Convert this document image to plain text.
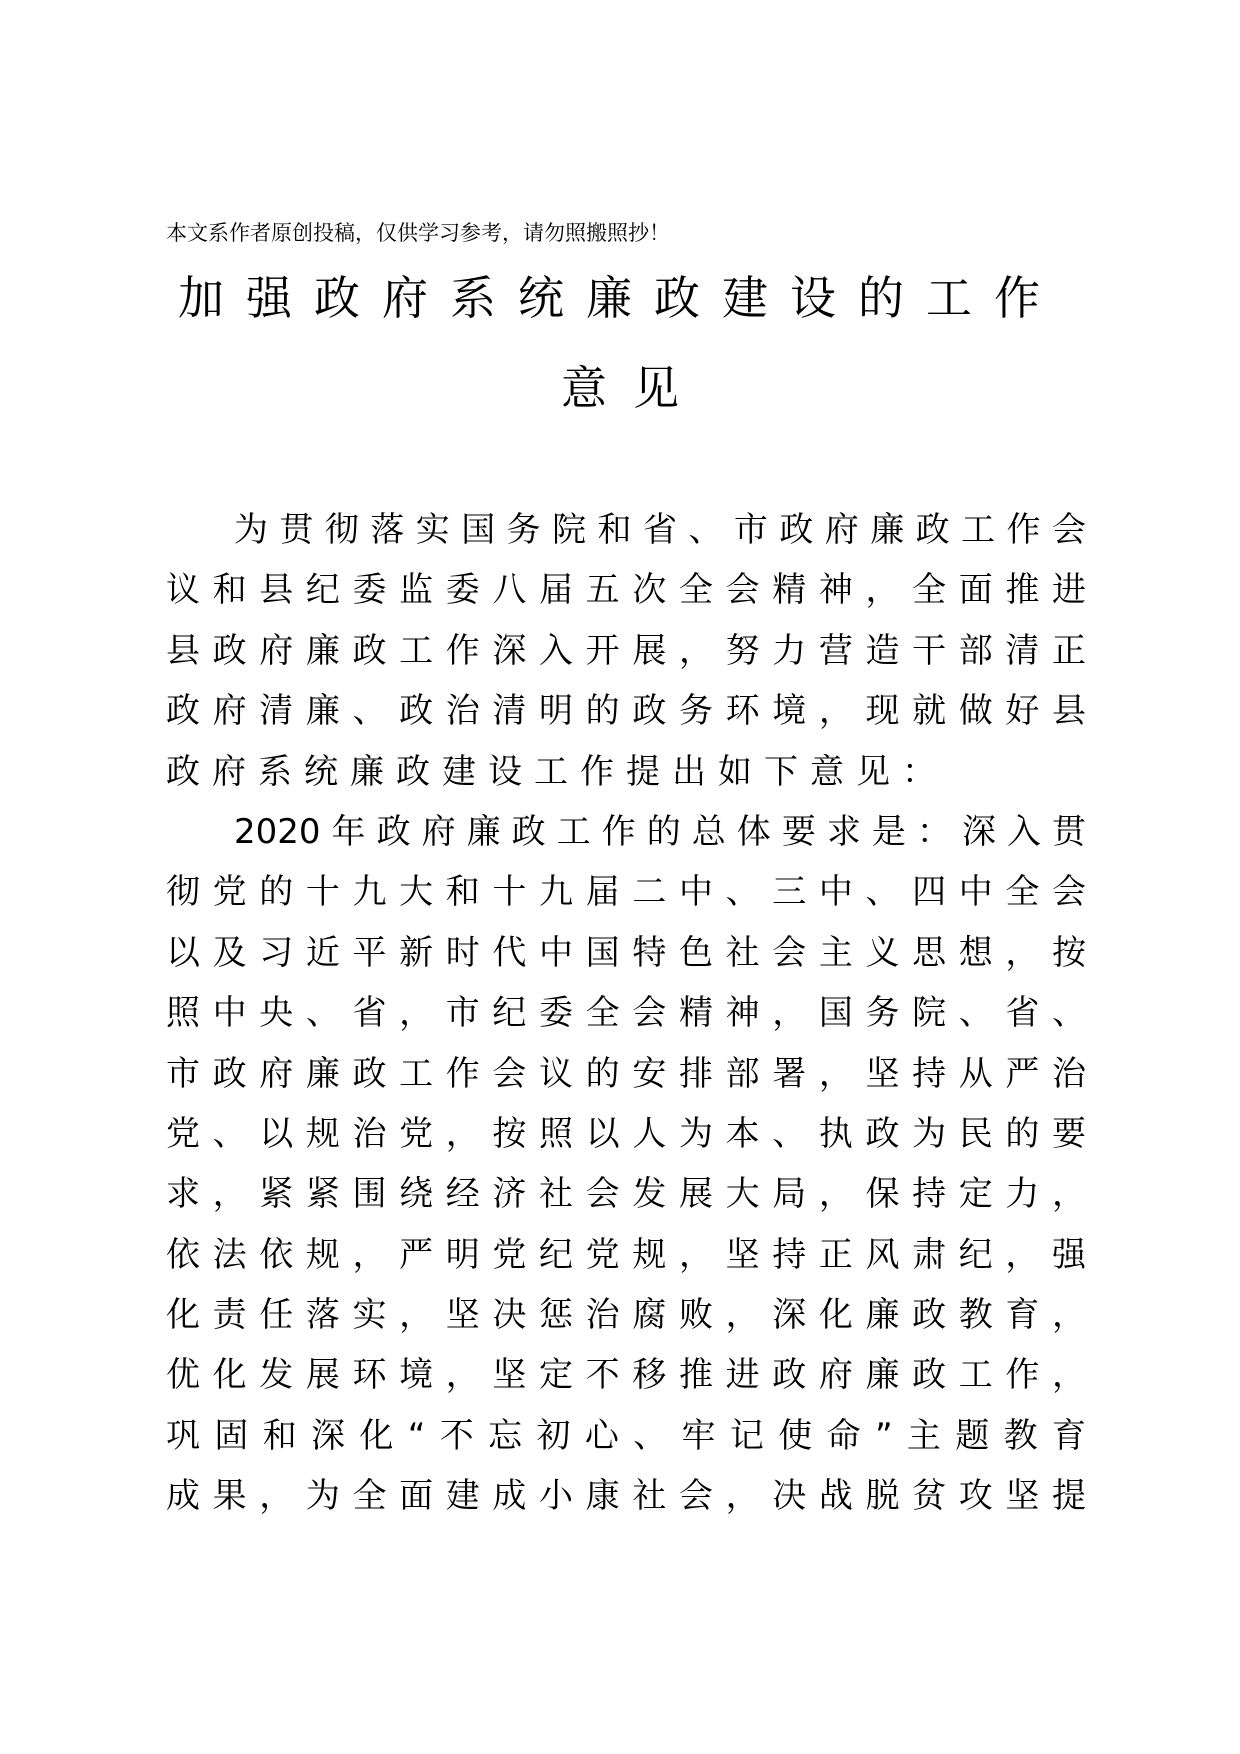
本文系作者原创投稿，仅供学习参考，请勿照搬照抄！
加强政府系统廉政建设的工作
意见
为贯彻落实国务院和省、市政府廉政工作会
议和县纪委监委八届五次全会精神，全面推进
县政府廉政工作深入开展，努力营造干部清正
政府清廉、政治清明的政务环境，现就做好县
政府系统廉政建设工作提出如下意见：
2020年政府廉政工作的总体要求是：深入贯
彻党的十九大和十九届二中、三中、四中全会
以及习近平新时代中国特色社会主义思想，按
照中央、省，市纪委全会精神，国务院、省、
市政府廉政工作会议的安排部署，坚持从严治
党、以规治党，按照以人为本、执政为民的要
求，紧紧围绕经济社会发展大局，保持定力，
依法依规，严明党纪党规，坚持正风肃纪，强
化责任落实，坚决惩治腐败，深化廉政教育，
优化发展环境，坚定不移推进政府廉政工作，
巩固和深化“不忘初心、牢记使命”主题教育
成果，为全面建成小康社会，决战脱贫攻坚提
